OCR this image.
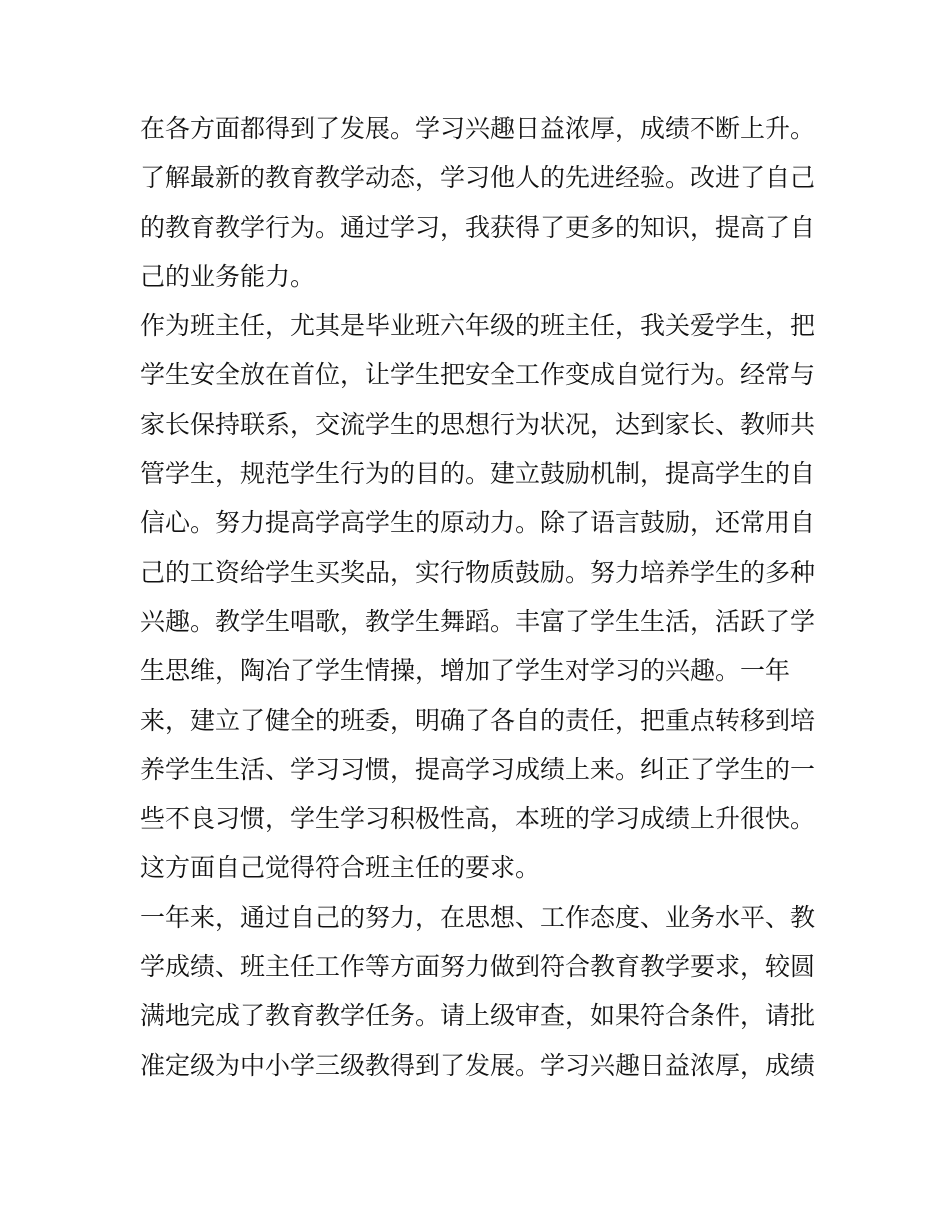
在各方面都得到了发展。学习兴趣日益浓厚，成绩不断上升。
了解最新的教育教学动态，学习他人的先进经验。改进了自己
的教育教学行为。通过学习，我获得了更多的知识，提高了自
己的业务能力。
作为班主任，尤其是毕业班六年级的班主任，我关爱学生，把
学生安全放在首位，让学生把安全工作变成自觉行为。经常与
家长保持联系，交流学生的思想行为状况，达到家长、教师共
管学生，规范学生行为的目的。建立鼓励机制，提高学生的自
信心。努力提高学高学生的原动力。除了语言鼓励，还常用自
己的工资给学生买奖品，实行物质鼓励。努力培养学生的多种
兴趣。教学生唱歌，教学生舞蹈。丰富了学生生活，活跃了学
生思维，陶冶了学生情操，增加了学生对学习的兴趣。一年
来，建立了健全的班委，明确了各自的责任，把重点转移到培
养学生生活、学习习惯，提高学习成绩上来。纠正了学生的一
些不良习惯，学生学习积极性高，本班的学习成绩上升很快。
这方面自己觉得符合班主任的要求。
一年来，通过自己的努力，在思想、工作态度、业务水平、教
学成绩、班主任工作等方面努力做到符合教育教学要求，较圆
满地完成了教育教学任务。请上级审查，如果符合条件，请批
准定级为中小学三级教得到了发展。学习兴趣日益浓厚，成绩
